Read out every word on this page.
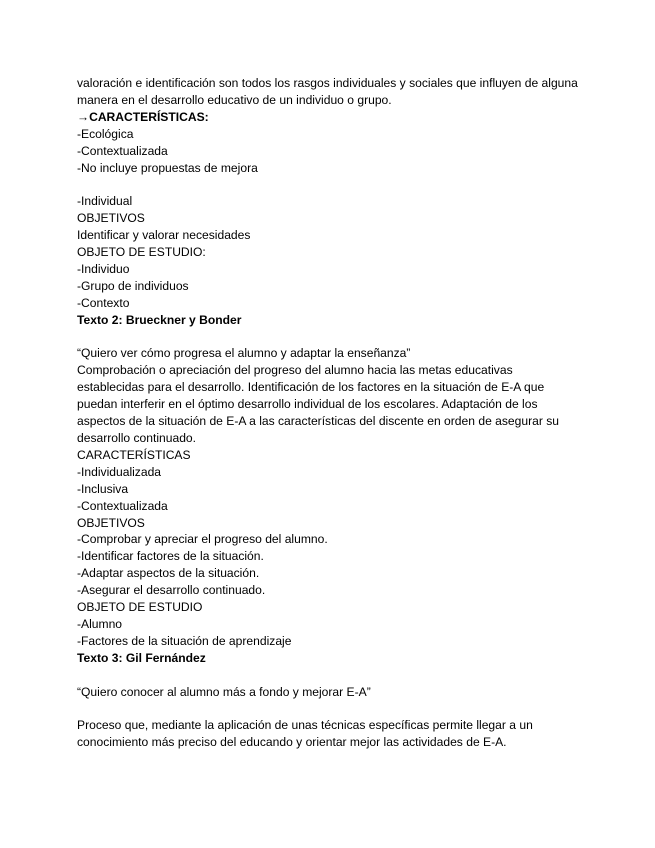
valoración e identificación son todos los rasgos individuales y sociales que influyen de alguna manera en el desarrollo educativo de un individuo o grupo.
→CARACTERÍSTICAS:
-Ecológica
-Contextualizada
-No incluye propuestas de mejora
-Individual
OBJETIVOS
Identificar y valorar necesidades
OBJETO DE ESTUDIO:
-Individuo
-Grupo de individuos
-Contexto
Texto 2: Brueckner y Bonder
“Quiero ver cómo progresa el alumno y adaptar la enseñanza”
Comprobación o apreciación del progreso del alumno hacia las metas educativas establecidas para el desarrollo. Identificación de los factores en la situación de E-A que puedan interferir en el óptimo desarrollo individual de los escolares. Adaptación de los aspectos de la situación de E-A a las características del discente en orden de asegurar su desarrollo continuado.
CARACTERÍSTICAS
-Individualizada
-Inclusiva
-Contextualizada
OBJETIVOS
-Comprobar y apreciar el progreso del alumno.
-Identificar factores de la situación.
-Adaptar aspectos de la situación.
-Asegurar el desarrollo continuado.
OBJETO DE ESTUDIO
-Alumno
-Factores de la situación de aprendizaje
Texto 3: Gil Fernández
“Quiero conocer al alumno más a fondo y mejorar E-A”
Proceso que, mediante la aplicación de unas técnicas específicas permite llegar a un conocimiento más preciso del educando y orientar mejor las actividades de E-A.
